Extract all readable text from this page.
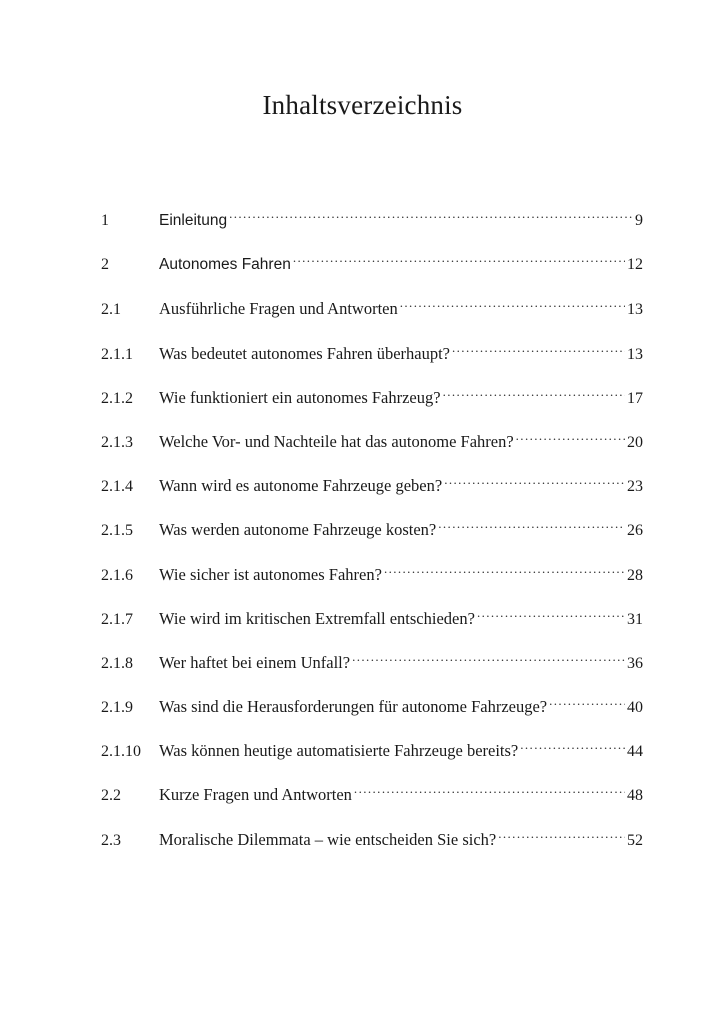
Inhaltsverzeichnis
1	Einleitung .....	9
2	Autonomes Fahren .....	12
2.1	Ausführliche Fragen und Antworten .....	13
2.1.1	Was bedeutet autonomes Fahren überhaupt? .....	13
2.1.2	Wie funktioniert ein autonomes Fahrzeug? .....	17
2.1.3	Welche Vor- und Nachteile hat das autonome Fahren? .....	20
2.1.4	Wann wird es autonome Fahrzeuge geben? .....	23
2.1.5	Was werden autonome Fahrzeuge kosten? .....	26
2.1.6	Wie sicher ist autonomes Fahren? .....	28
2.1.7	Wie wird im kritischen Extremfall entschieden? .....	31
2.1.8	Wer haftet bei einem Unfall? .....	36
2.1.9	Was sind die Herausforderungen für autonome Fahrzeuge? .....	40
2.1.10	Was können heutige automatisierte Fahrzeuge bereits? .....	44
2.2	Kurze Fragen und Antworten .....	48
2.3	Moralische Dilemmata – wie entscheiden Sie sich? .....	52
